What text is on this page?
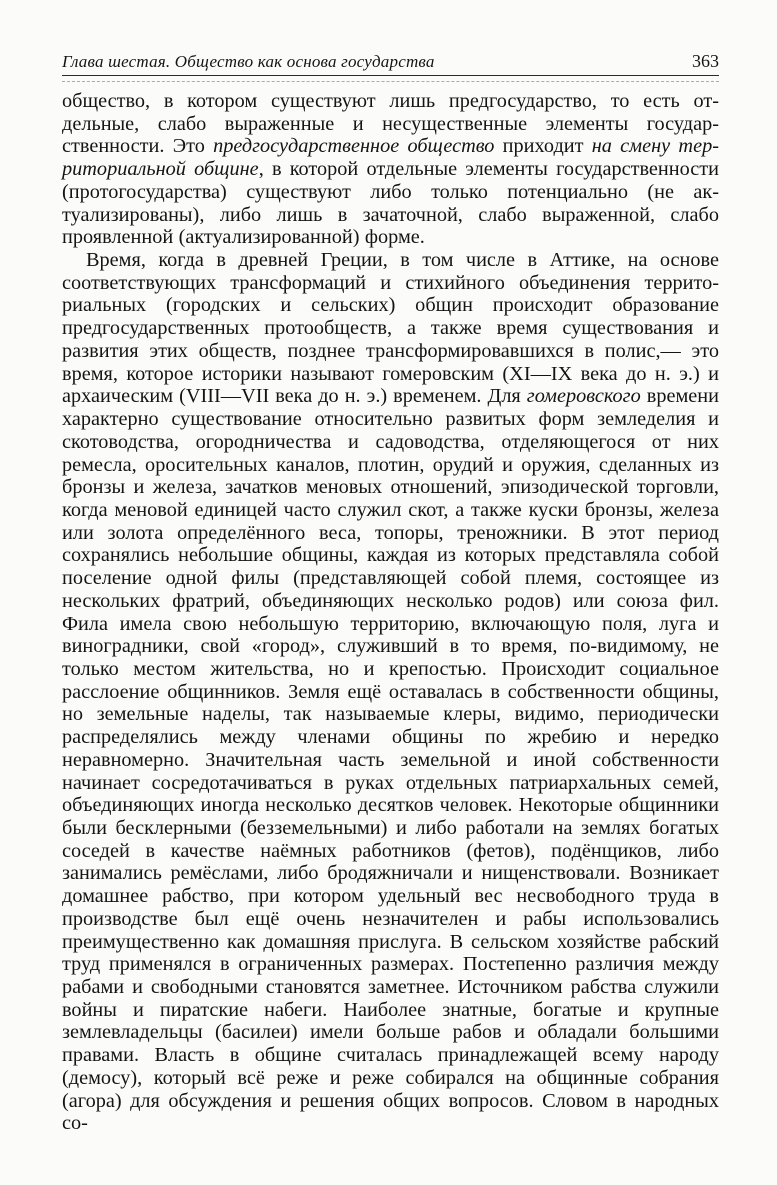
Глава шестая. Общество как основа государства	363

общество, в котором существуют лишь предгосударство, то есть отдельные, слабо выраженные и несущественные элементы государственности. Это предгосударственное общество приходит на смену территориальной общине, в которой отдельные элементы государственности (протогосударства) существуют либо только потенциально (не актуализированы), либо лишь в зачаточной, слабо выраженной, слабо проявленной (актуализированной) форме.

Время, когда в древней Греции, в том числе в Аттике, на основе соответствующих трансформаций и стихийного объединения территориальных (городских и сельских) общин происходит образование предгосударственных протообществ, а также время существования и развития этих обществ, позднее трансформировавшихся в полис,— это время, которое историки называют гомеровским (XI—IX века до н. э.) и архаическим (VIII—VII века до н. э.) временем. Для гомеровского времени характерно существование относительно развитых форм земледелия и скотоводства, огородничества и садоводства, отделяющегося от них ремесла, оросительных каналов, плотин, орудий и оружия, сделанных из бронзы и железа, зачатков меновых отношений, эпизодической торговли, когда меновой единицей часто служил скот, а также куски бронзы, железа или золота определённого веса, топоры, треножники. В этот период сохранялись небольшие общины, каждая из которых представляла собой поселение одной филы (представляющей собой племя, состоящее из нескольких фратрий, объединяющих несколько родов) или союза фил. Фила имела свою небольшую территорию, включающую поля, луга и виноградники, свой «город», служивший в то время, по-видимому, не только местом жительства, но и крепостью. Происходит социальное расслоение общинников. Земля ещё оставалась в собственности общины, но земельные наделы, так называемые клеры, видимо, периодически распределялись между членами общины по жребию и нередко неравномерно. Значительная часть земельной и иной собственности начинает сосредотачиваться в руках отдельных патриархальных семей, объединяющих иногда несколько десятков человек. Некоторые общинники были бесклерными (безземельными) и либо работали на землях богатых соседей в качестве наёмных работников (фетов), подёнщиков, либо занимались ремёслами, либо бродяжничали и нищенствовали. Возникает домашнее рабство, при котором удельный вес несвободного труда в производстве был ещё очень незначителен и рабы использовались преимущественно как домашняя прислуга. В сельском хозяйстве рабский труд применялся в ограниченных размерах. Постепенно различия между рабами и свободными становятся заметнее. Источником рабства служили войны и пиратские набеги. Наиболее знатные, богатые и крупные землевладельцы (басилеи) имели больше рабов и обладали большими правами. Власть в общине считалась принадлежащей всему народу (демосу), который всё реже и реже собирался на общинные собрания (агора) для обсуждения и решения общих вопросов. Словом в народных со-
